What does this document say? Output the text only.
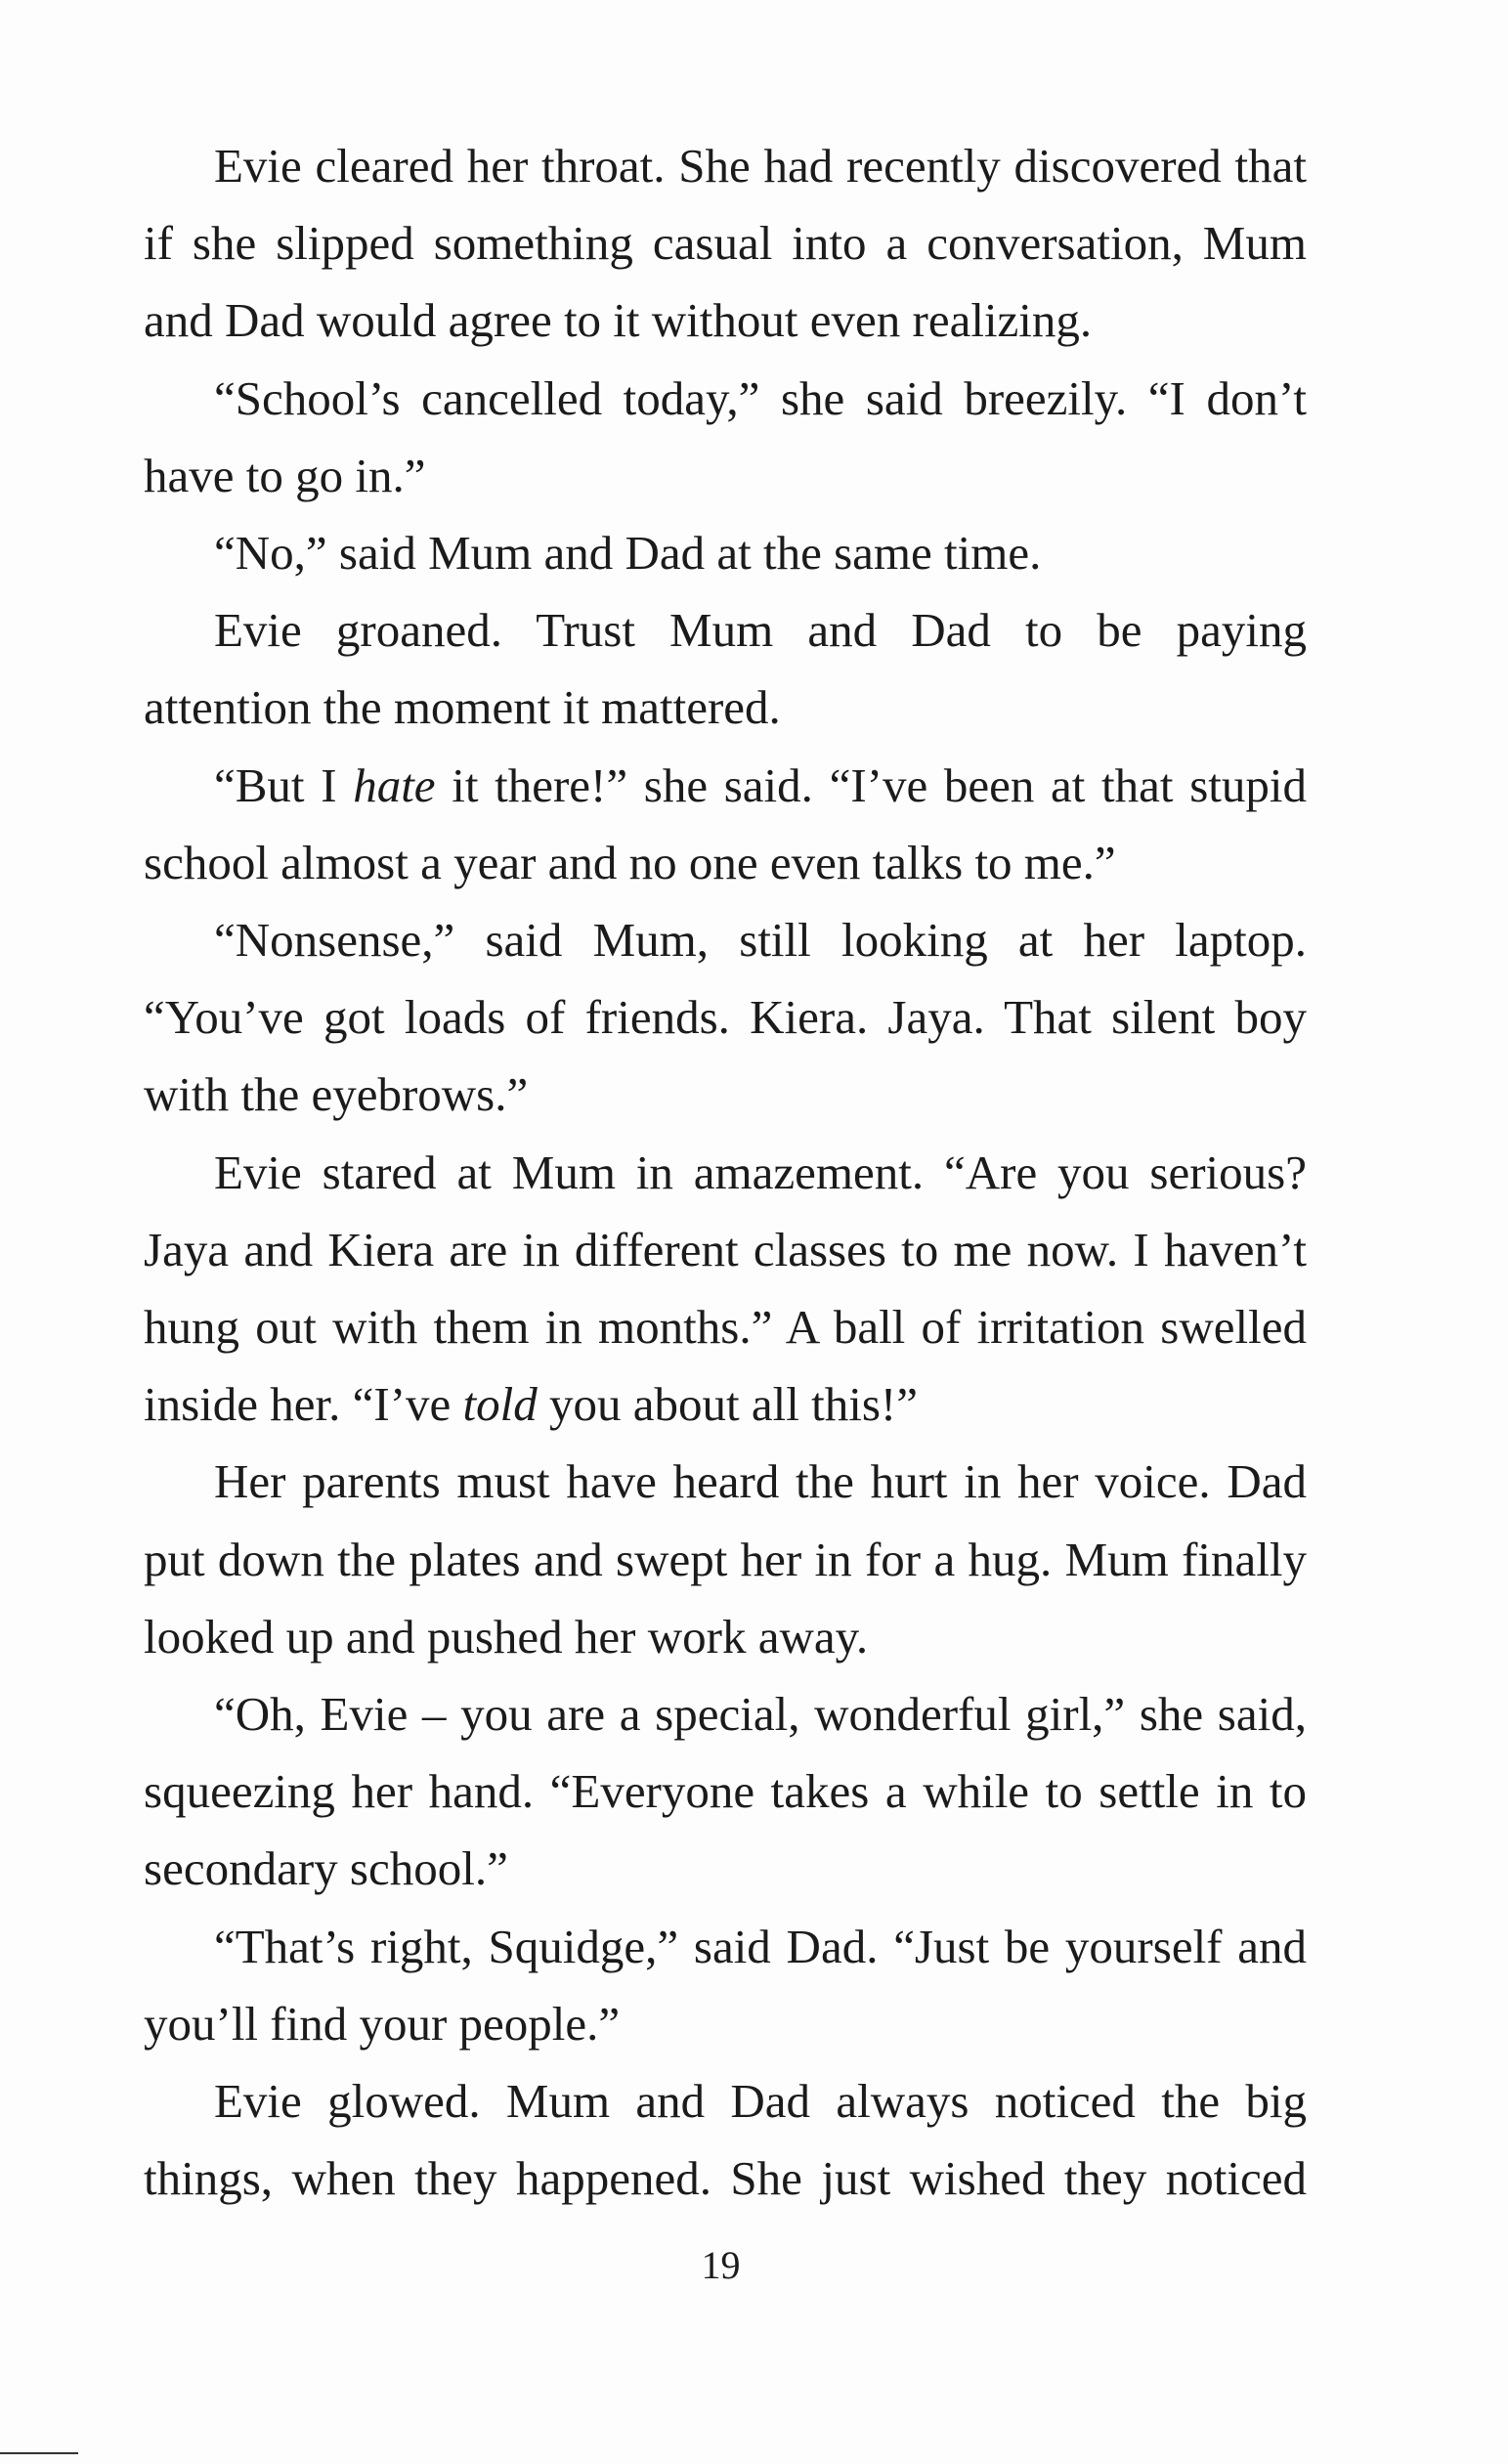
Evie cleared her throat. She had recently discovered that if she slipped something casual into a conversation, Mum and Dad would agree to it without even realizing.

“School’s cancelled today,” she said breezily. “I don’t have to go in.”

“No,” said Mum and Dad at the same time.

Evie groaned. Trust Mum and Dad to be paying attention the moment it mattered.

“But I hate it there!” she said. “I’ve been at that stupid school almost a year and no one even talks to me.”

“Nonsense,” said Mum, still looking at her laptop. “You’ve got loads of friends. Kiera. Jaya. That silent boy with the eyebrows.”

Evie stared at Mum in amazement. “Are you serious? Jaya and Kiera are in different classes to me now. I haven’t hung out with them in months.” A ball of irritation swelled inside her. “I’ve told you about all this!”

Her parents must have heard the hurt in her voice. Dad put down the plates and swept her in for a hug. Mum finally looked up and pushed her work away.

“Oh, Evie – you are a special, wonderful girl,” she said, squeezing her hand. “Everyone takes a while to settle in to secondary school.”

“That’s right, Squidge,” said Dad. “Just be yourself and you’ll find your people.”

Evie glowed. Mum and Dad always noticed the big things, when they happened. She just wished they noticed

19
